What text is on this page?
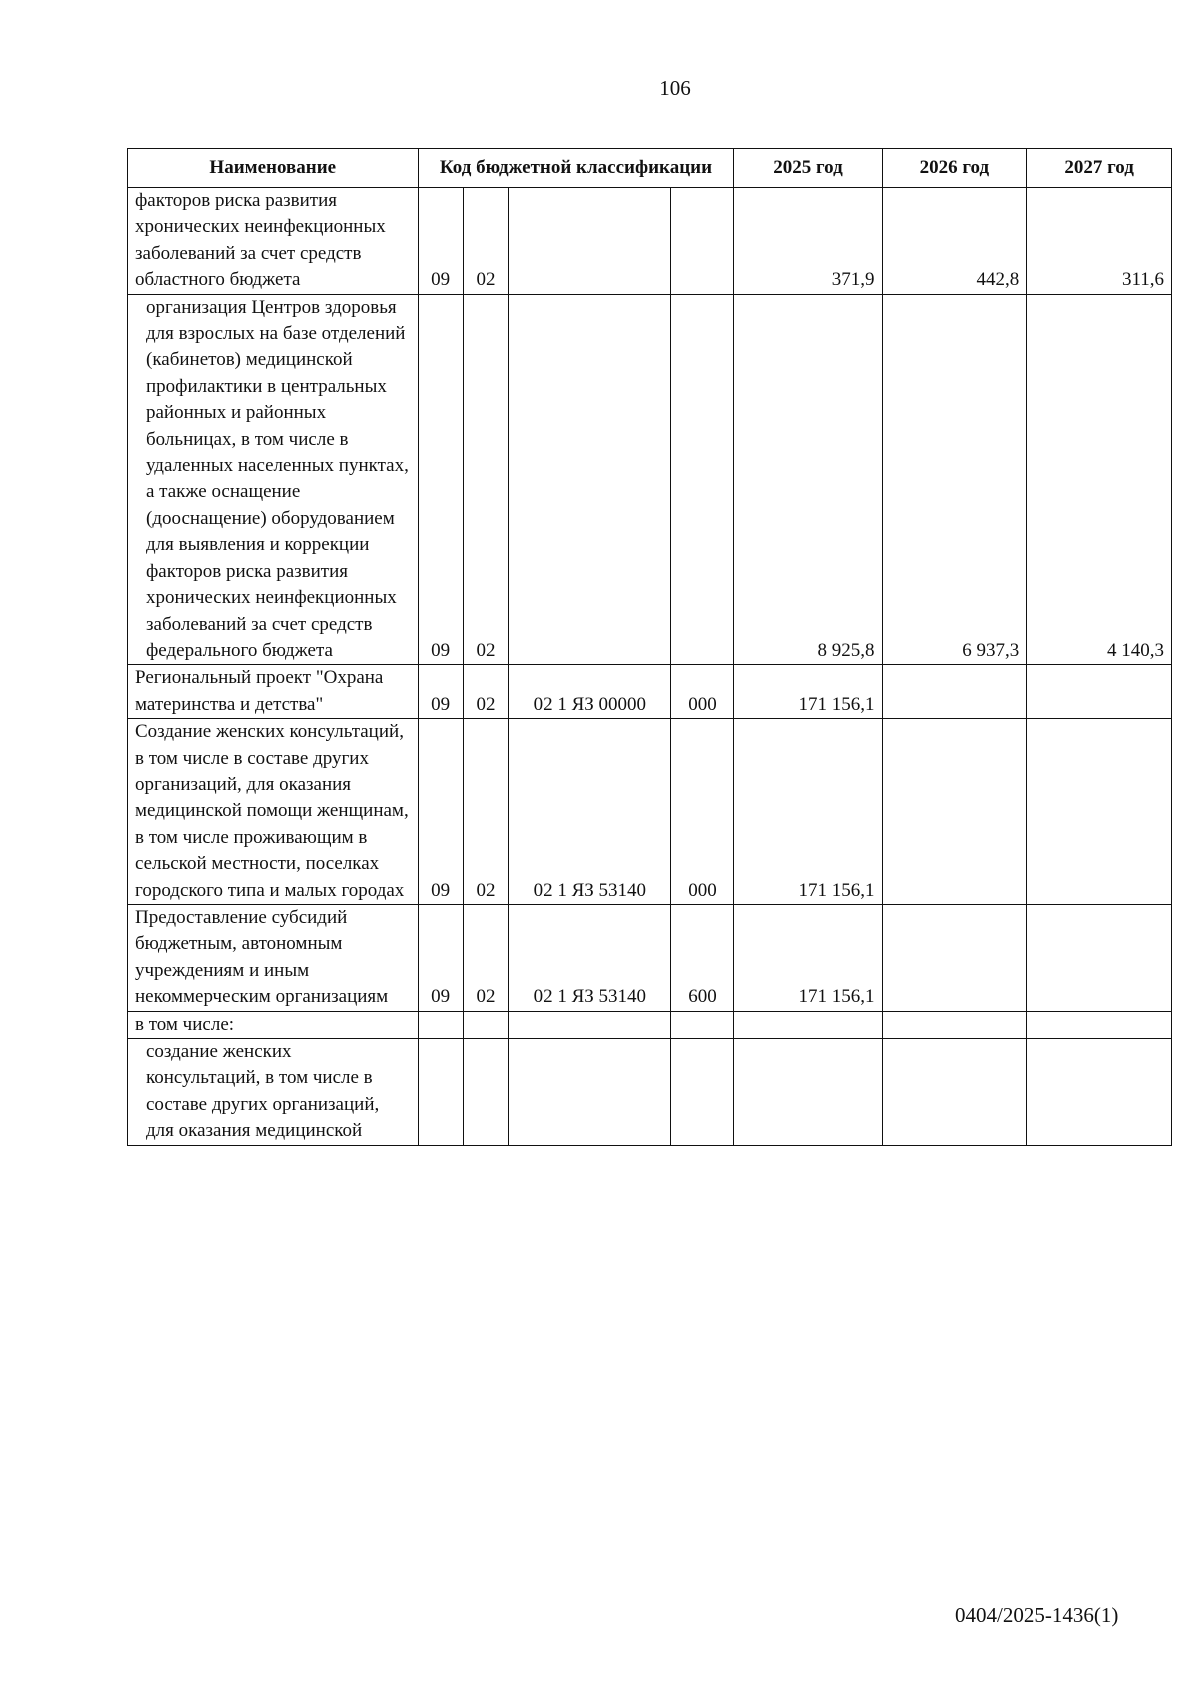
106
Наименование	Код бюджетной классификации				2025 год	2026 год	2027 год
факторов риска развития хронических неинфекционных заболеваний за счет средств областного бюджета	09	02			371,9	442,8	311,6
организация Центров здоровья для взрослых на базе отделений (кабинетов) медицинской профилактики в центральных районных и районных больницах, в том числе в удаленных населенных пунктах, а также оснащение (дооснащение) оборудованием для выявления и коррекции факторов риска развития хронических неинфекционных заболеваний за счет средств федерального бюджета	09	02			8 925,8	6 937,3	4 140,3
Региональный проект "Охрана материнства и детства"	09	02	02 1 ЯЗ 00000	000	171 156,1		
Создание женских консультаций, в том числе в составе других организаций, для оказания медицинской помощи женщинам, в том числе проживающим в сельской местности, поселках городского типа и малых городах	09	02	02 1 ЯЗ 53140	000	171 156,1		
Предоставление субсидий бюджетным, автономным учреждениям и иным некоммерческим организациям	09	02	02 1 ЯЗ 53140	600	171 156,1		
в том числе:							
создание женских консультаций, в том числе в составе других организаций, для оказания медицинской							
0404/2025-1436(1)
